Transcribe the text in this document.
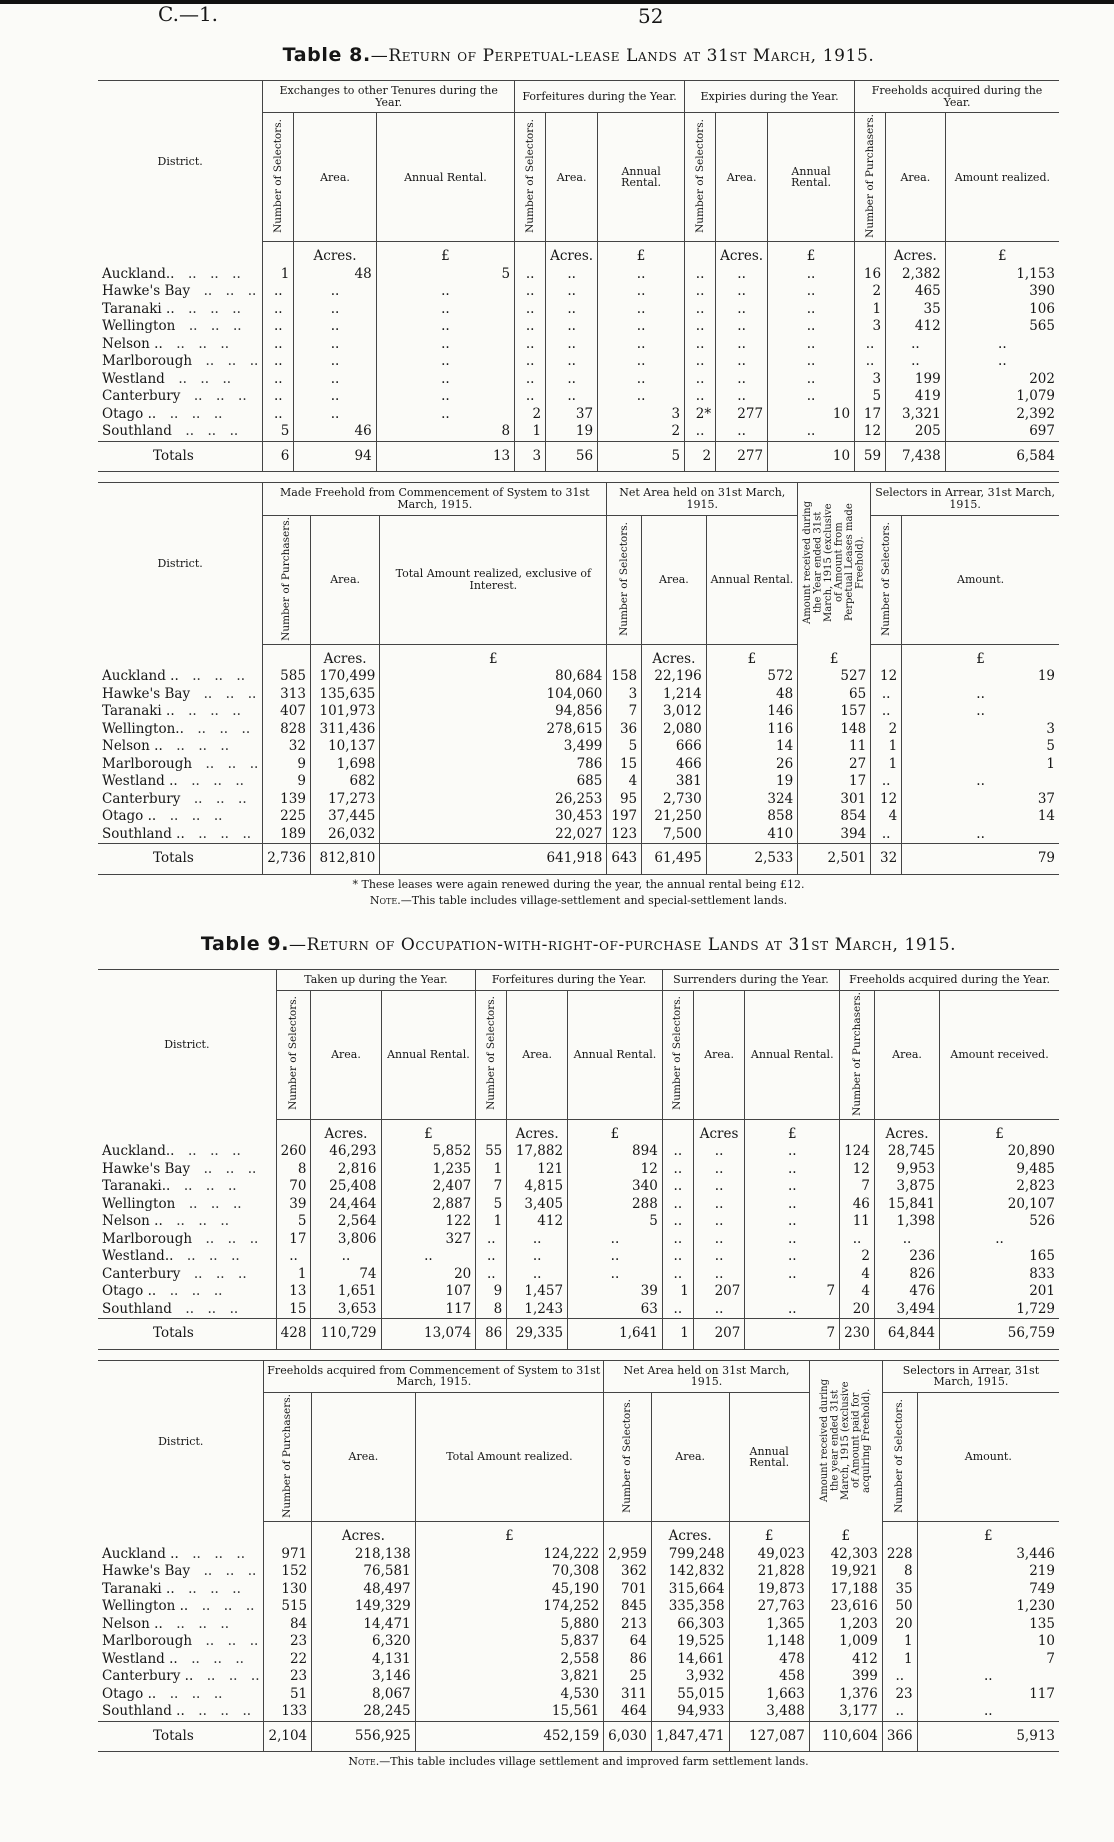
C.—1.	52
Table 8.—Return of Perpetual-lease Lands at 31st March, 1915.
District.	Exchanges to other Tenures during the Year.			Forfeitures during the Year.			Expiries during the Year.			Freeholds acquired during the Year.		
	Number of Selectors.	Area.	Annual Rental.	Number of Selectors.	Area.	Annual Rental.	Number of Selectors.	Area.	Annual Rental.	Number of Purchasers.	Area.	Amount realized.
		Acres.	£		Acres.	£		Acres.	£		Acres.	£
Auckland.. .. .. ..	1	48	5	..	..	..	..	..	..	16	2,382	1,153
Hawke's Bay .. .. ..	..	..	..	..	..	..	..	..	..	2	465	390
Taranaki .. .. .. ..	..	..	..	..	..	..	..	..	..	1	35	106
Wellington .. .. ..	..	..	..	..	..	..	..	..	..	3	412	565
Nelson .. .. .. ..	..	..	..	..	..	..	..	..	..	..	..	..
Marlborough .. .. ..	..	..	..	..	..	..	..	..	..	..	..	..
Westland .. .. ..	..	..	..	..	..	..	..	..	..	3	199	202
Canterbury .. .. ..	..	..	..	..	..	..	..	..	..	5	419	1,079
Otago .. .. .. ..	..	..	..	2	37	3	2*	277	10	17	3,321	2,392
Southland .. .. ..	5	46	8	1	19	2	..	..	..	12	205	697
Totals	6	94	13	3	56	5	2	277	10	59	7,438	6,584
District.	Made Freehold from Commencement of System to 31st March, 1915.			Net Area held on 31st March, 1915.			Amount received during the Year ended 31st March, 1915 (exclusive of Amount from Perpetual Leases made Freehold).	Selectors in Arrear, 31st March, 1915.	
	Number of Purchasers.	Area.	Total Amount realized, exclusive of Interest.	Number of Selectors.	Area.	Annual Rental.		Number of Selectors.	Amount.
		Acres.	£		Acres.	£	£		£
Auckland .. .. .. ..	585	170,499	80,684	158	22,196	572	527	12	19
Hawke's Bay .. .. ..	313	135,635	104,060	3	1,214	48	65	..	..
Taranaki .. .. .. ..	407	101,973	94,856	7	3,012	146	157	..	..
Wellington.. .. .. ..	828	311,436	278,615	36	2,080	116	148	2	3
Nelson .. .. .. ..	32	10,137	3,499	5	666	14	11	1	5
Marlborough .. .. ..	9	1,698	786	15	466	26	27	1	1
Westland .. .. .. ..	9	682	685	4	381	19	17	..	..
Canterbury .. .. ..	139	17,273	26,253	95	2,730	324	301	12	37
Otago .. .. .. ..	225	37,445	30,453	197	21,250	858	854	4	14
Southland .. .. .. ..	189	26,032	22,027	123	7,500	410	394	..	..
Totals	2,736	812,810	641,918	643	61,495	2,533	2,501	32	79
* These leases were again renewed during the year, the annual rental being £12.
Note.—This table includes village-settlement and special-settlement lands.
Table 9.—Return of Occupation-with-right-of-purchase Lands at 31st March, 1915.
District.	Taken up during the Year.			Forfeitures during the Year.			Surrenders during the Year.			Freeholds acquired during the Year.		
	Number of Selectors.	Area.	Annual Rental.	Number of Selectors.	Area.	Annual Rental.	Number of Selectors.	Area.	Annual Rental.	Number of Purchasers.	Area.	Amount received.
		Acres.	£		Acres.	£		Acres	£		Acres.	£
Auckland.. .. .. ..	260	46,293	5,852	55	17,882	894	..	..	..	124	28,745	20,890
Hawke's Bay .. .. ..	8	2,816	1,235	1	121	12	..	..	..	12	9,953	9,485
Taranaki.. .. .. ..	70	25,408	2,407	7	4,815	340	..	..	..	7	3,875	2,823
Wellington .. .. ..	39	24,464	2,887	5	3,405	288	..	..	..	46	15,841	20,107
Nelson .. .. .. ..	5	2,564	122	1	412	5	..	..	..	11	1,398	526
Marlborough .. .. ..	17	3,806	327	..	..	..	..	..	..	..	..	..
Westland.. .. .. ..	..	..	..	..	..	..	..	..	..	2	236	165
Canterbury .. .. ..	1	74	20	..	..	..	..	..	..	4	826	833
Otago .. .. .. ..	13	1,651	107	9	1,457	39	1	207	7	4	476	201
Southland .. .. ..	15	3,653	117	8	1,243	63	..	..	..	20	3,494	1,729
Totals	428	110,729	13,074	86	29,335	1,641	1	207	7	230	64,844	56,759
District.	Freeholds acquired from Commencement of System to 31st March, 1915.			Net Area held on 31st March, 1915.			Amount received during the year ended 31st March, 1915 (exclusive of Amount paid for acquiring Freehold).	Selectors in Arrear, 31st March, 1915.	
	Number of Purchasers.	Area.	Total Amount realized.	Number of Selectors.	Area.	Annual Rental.		Number of Selectors.	Amount.
		Acres.	£		Acres.	£	£		£
Auckland .. .. .. ..	971	218,138	124,222	2,959	799,248	49,023	42,303	228	3,446
Hawke's Bay .. .. ..	152	76,581	70,308	362	142,832	21,828	19,921	8	219
Taranaki .. .. .. ..	130	48,497	45,190	701	315,664	19,873	17,188	35	749
Wellington .. .. .. ..	515	149,329	174,252	845	335,358	27,763	23,616	50	1,230
Nelson .. .. .. ..	84	14,471	5,880	213	66,303	1,365	1,203	20	135
Marlborough .. .. ..	23	6,320	5,837	64	19,525	1,148	1,009	1	10
Westland .. .. .. ..	22	4,131	2,558	86	14,661	478	412	1	7
Canterbury .. .. .. ..	23	3,146	3,821	25	3,932	458	399	..	..
Otago .. .. .. ..	51	8,067	4,530	311	55,015	1,663	1,376	23	117
Southland .. .. .. ..	133	28,245	15,561	464	94,933	3,488	3,177	..	..
Totals	2,104	556,925	452,159	6,030	1,847,471	127,087	110,604	366	5,913
Note.—This table includes village settlement and improved farm settlement lands.
